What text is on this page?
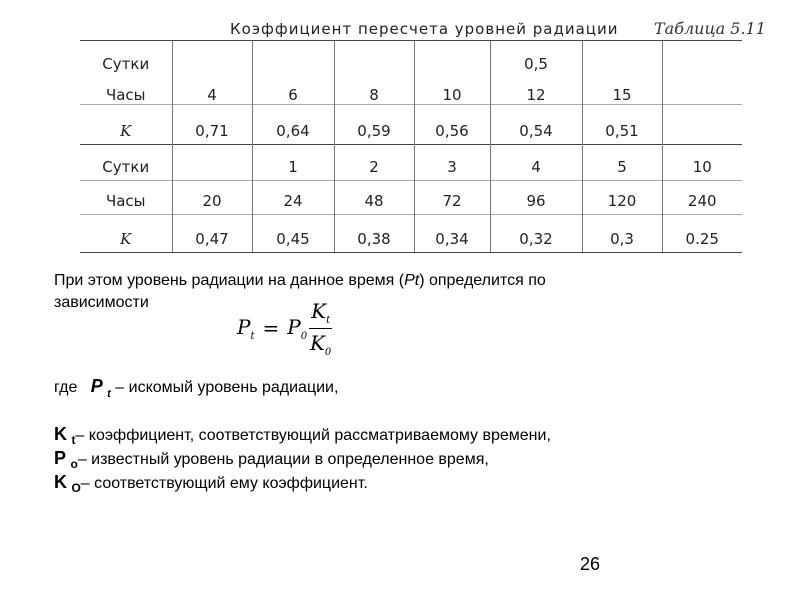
Коэффициент пересчета уровней радиации Таблица 5.11
Сутки					0,5		
Часы	4	6	8	10	12	15	
K	0,71	0,64	0,59	0,56	0,54	0,51	
Сутки		1	2	3	4	5	10
Часы	20	24	48	72	96	120	240
K	0,47	0,45	0,38	0,34	0,32	0,3	0.25
При этом уровень радиации на данное время (Pt) определится по
зависимости
$P_t = P_0 \frac{K_t}{K_0}$
где P $_t$ – искомый уровень радиации,
K $_t$– коэффициент, соответствующий рассматриваемому времени,
P $_o$– известный уровень радиации в определенное время,
K $_O$– соответствующий ему коэффициент.
26
